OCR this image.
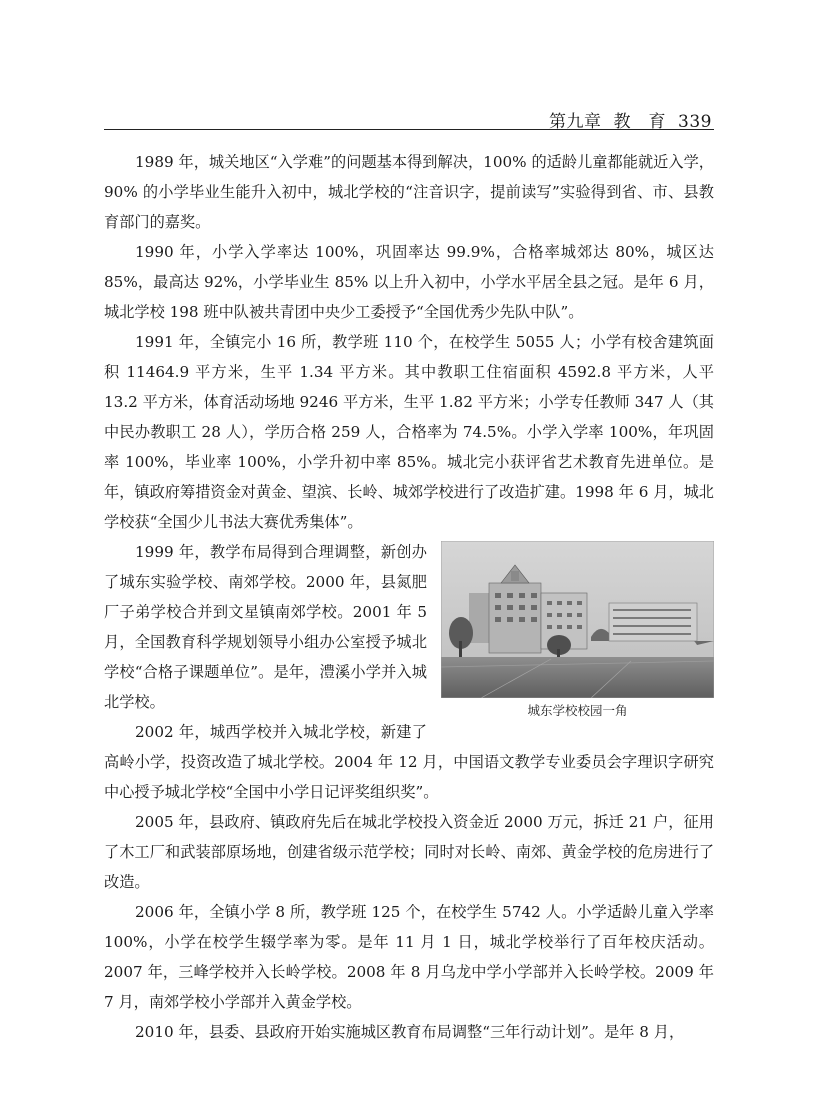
第九章 教　育 339

1989 年，城关地区“入学难”的问题基本得到解决，100% 的适龄儿童都能就近入学，90% 的小学毕业生能升入初中，城北学校的“注音识字，提前读写”实验得到省、市、县教育部门的嘉奖。

1990 年，小学入学率达 100%，巩固率达 99.9%，合格率城郊达 80%，城区达 85%，最高达 92%，小学毕业生 85% 以上升入初中，小学水平居全县之冠。是年 6 月，城北学校 198 班中队被共青团中央少工委授予“全国优秀少先队中队”。

1991 年，全镇完小 16 所，教学班 110 个，在校学生 5055 人；小学有校舍建筑面积 11464.9 平方米，生平 1.34 平方米。其中教职工住宿面积 4592.8 平方米，人平 13.2 平方米，体育活动场地 9246 平方米，生平 1.82 平方米；小学专任教师 347 人（其中民办教职工 28 人），学历合格 259 人，合格率为 74.5%。小学入学率 100%，年巩固率 100%，毕业率 100%，小学升初中率 85%。城北完小获评省艺术教育先进单位。是年，镇政府筹措资金对黄金、望滨、长岭、城郊学校进行了改造扩建。1998 年 6 月，城北学校获“全国少儿书法大赛优秀集体”。

城东学校校园一角

1999 年，教学布局得到合理调整，新创办了城东实验学校、南郊学校。2000 年，县氮肥厂子弟学校合并到文星镇南郊学校。2001 年 5 月，全国教育科学规划领导小组办公室授予城北学校“合格子课题单位”。是年，澧溪小学并入城北学校。

2002 年，城西学校并入城北学校，新建了高岭小学，投资改造了城北学校。2004 年 12 月，中国语文教学专业委员会字理识字研究中心授予城北学校“全国中小学日记评奖组织奖”。

2005 年，县政府、镇政府先后在城北学校投入资金近 2000 万元，拆迁 21 户，征用了木工厂和武装部原场地，创建省级示范学校；同时对长岭、南郊、黄金学校的危房进行了改造。

2006 年，全镇小学 8 所，教学班 125 个，在校学生 5742 人。小学适龄儿童入学率 100%，小学在校学生辍学率为零。是年 11 月 1 日，城北学校举行了百年校庆活动。2007 年，三峰学校并入长岭学校。2008 年 8 月乌龙中学小学部并入长岭学校。2009 年 7 月，南郊学校小学部并入黄金学校。

2010 年，县委、县政府开始实施城区教育布局调整“三年行动计划”。是年 8 月，
